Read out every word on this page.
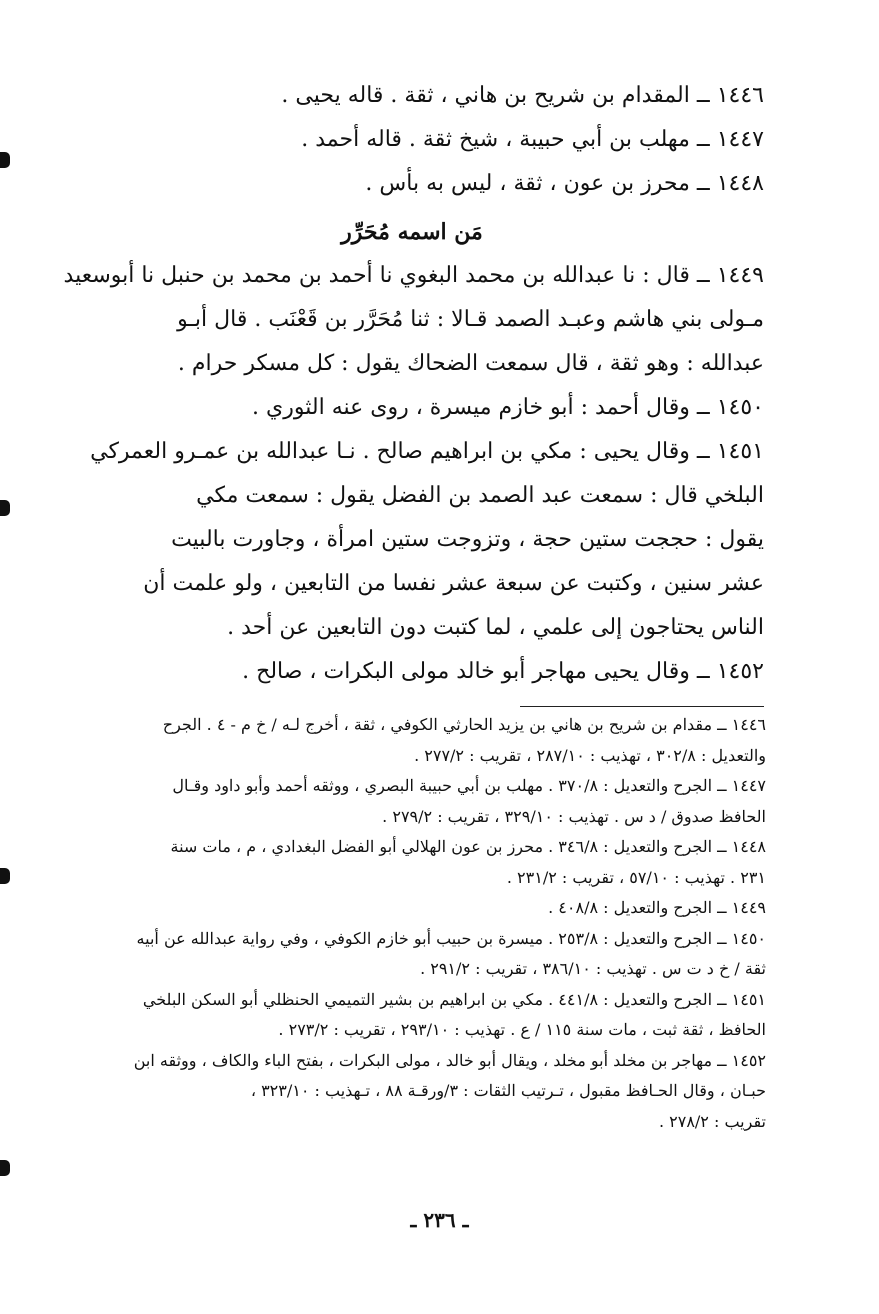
١٤٤٦ ــ المقدام بن شريح بن هاني ، ثقة . قاله يحيى .

١٤٤٧ ــ مهلب بن أبي حبيبة ، شيخ ثقة . قاله أحمد .

١٤٤٨ ــ محرز بن عون ، ثقة ، ليس به بأس .

مَن اسمه مُحَرِّر

١٤٤٩ ــ قال : نا عبدالله بن محمد البغوي نا أحمد بن محمد بن حنبل نا أبوسعيد

مـولى بني هاشم وعبـد الصمد قـالا : ثنا مُحَرَّر بن قَعْنَب . قال أبـو

عبدالله : وهو ثقة ، قال سمعت الضحاك يقول : كل مسكر حرام .

١٤٥٠ ــ وقال أحمد : أبو خازم ميسرة ، روى عنه الثوري .

١٤٥١ ــ وقال يحيى : مكي بن ابراهيم صالح . نـا عبدالله بن عمـرو العمركي

البلخي قال : سمعت عبد الصمد بن الفضل يقول : سمعت مكي

يقول : حججت ستين حجة ، وتزوجت ستين امرأة ، وجاورت بالبيت

عشر سنين ، وكتبت عن سبعة عشر نفسا من التابعين ، ولو علمت أن

الناس يحتاجون إلى علمي ، لما كتبت دون التابعين عن أحد .

١٤٥٢ ــ وقال يحيى مهاجر أبو خالد مولى البكرات ، صالح .

١٤٤٦ ــ مقدام بن شريح بن هاني بن يزيد الحارثي الكوفي ، ثقة ، أخرج لـه / خ م - ٤ . الجرح

والتعديل : ٣٠٢/٨ ، تهذيب : ٢٨٧/١٠ ، تقريب : ٢٧٧/٢ .

١٤٤٧ ــ الجرح والتعديل : ٣٧٠/٨ . مهلب بن أبي حبيبة البصري ، ووثقه أحمد وأبو داود وقـال

الحافظ صدوق / د س . تهذيب : ٣٢٩/١٠ ، تقريب : ٢٧٩/٢ .

١٤٤٨ ــ الجرح والتعديل : ٣٤٦/٨ . محرز بن عون الهلالي أبو الفضل البغدادي ، م ، مات سنة

٢٣١ . تهذيب : ٥٧/١٠ ، تقريب : ٢٣١/٢ .

١٤٤٩ ــ الجرح والتعديل : ٤٠٨/٨ .

١٤٥٠ ــ الجرح والتعديل : ٢٥٣/٨ . ميسرة بن حبيب أبو خازم الكوفي ، وفي رواية عبدالله عن أبيه

ثقة / خ د ت س . تهذيب : ٣٨٦/١٠ ، تقريب : ٢٩١/٢ .

١٤٥١ ــ الجرح والتعديل : ٤٤١/٨ . مكي بن ابراهيم بن بشير التميمي الحنظلي أبو السكن البلخي

الحافظ ، ثقة ثبت ، مات سنة ١١٥ / ع . تهذيب : ٢٩٣/١٠ ، تقريب : ٢٧٣/٢ .

١٤٥٢ ــ مهاجر بن مخلد أبو مخلد ، ويقال أبو خالد ، مولى البكرات ، بفتح الباء والكاف ، ووثقه ابن

حبـان ، وقال الحـافظ مقبول ، تـرتيب الثقات : ٣/ورقـة ٨٨ ، تـهذيب : ٣٢٣/١٠ ،

تقريب : ٢٧٨/٢ .

ـ ٢٣٦ ـ
